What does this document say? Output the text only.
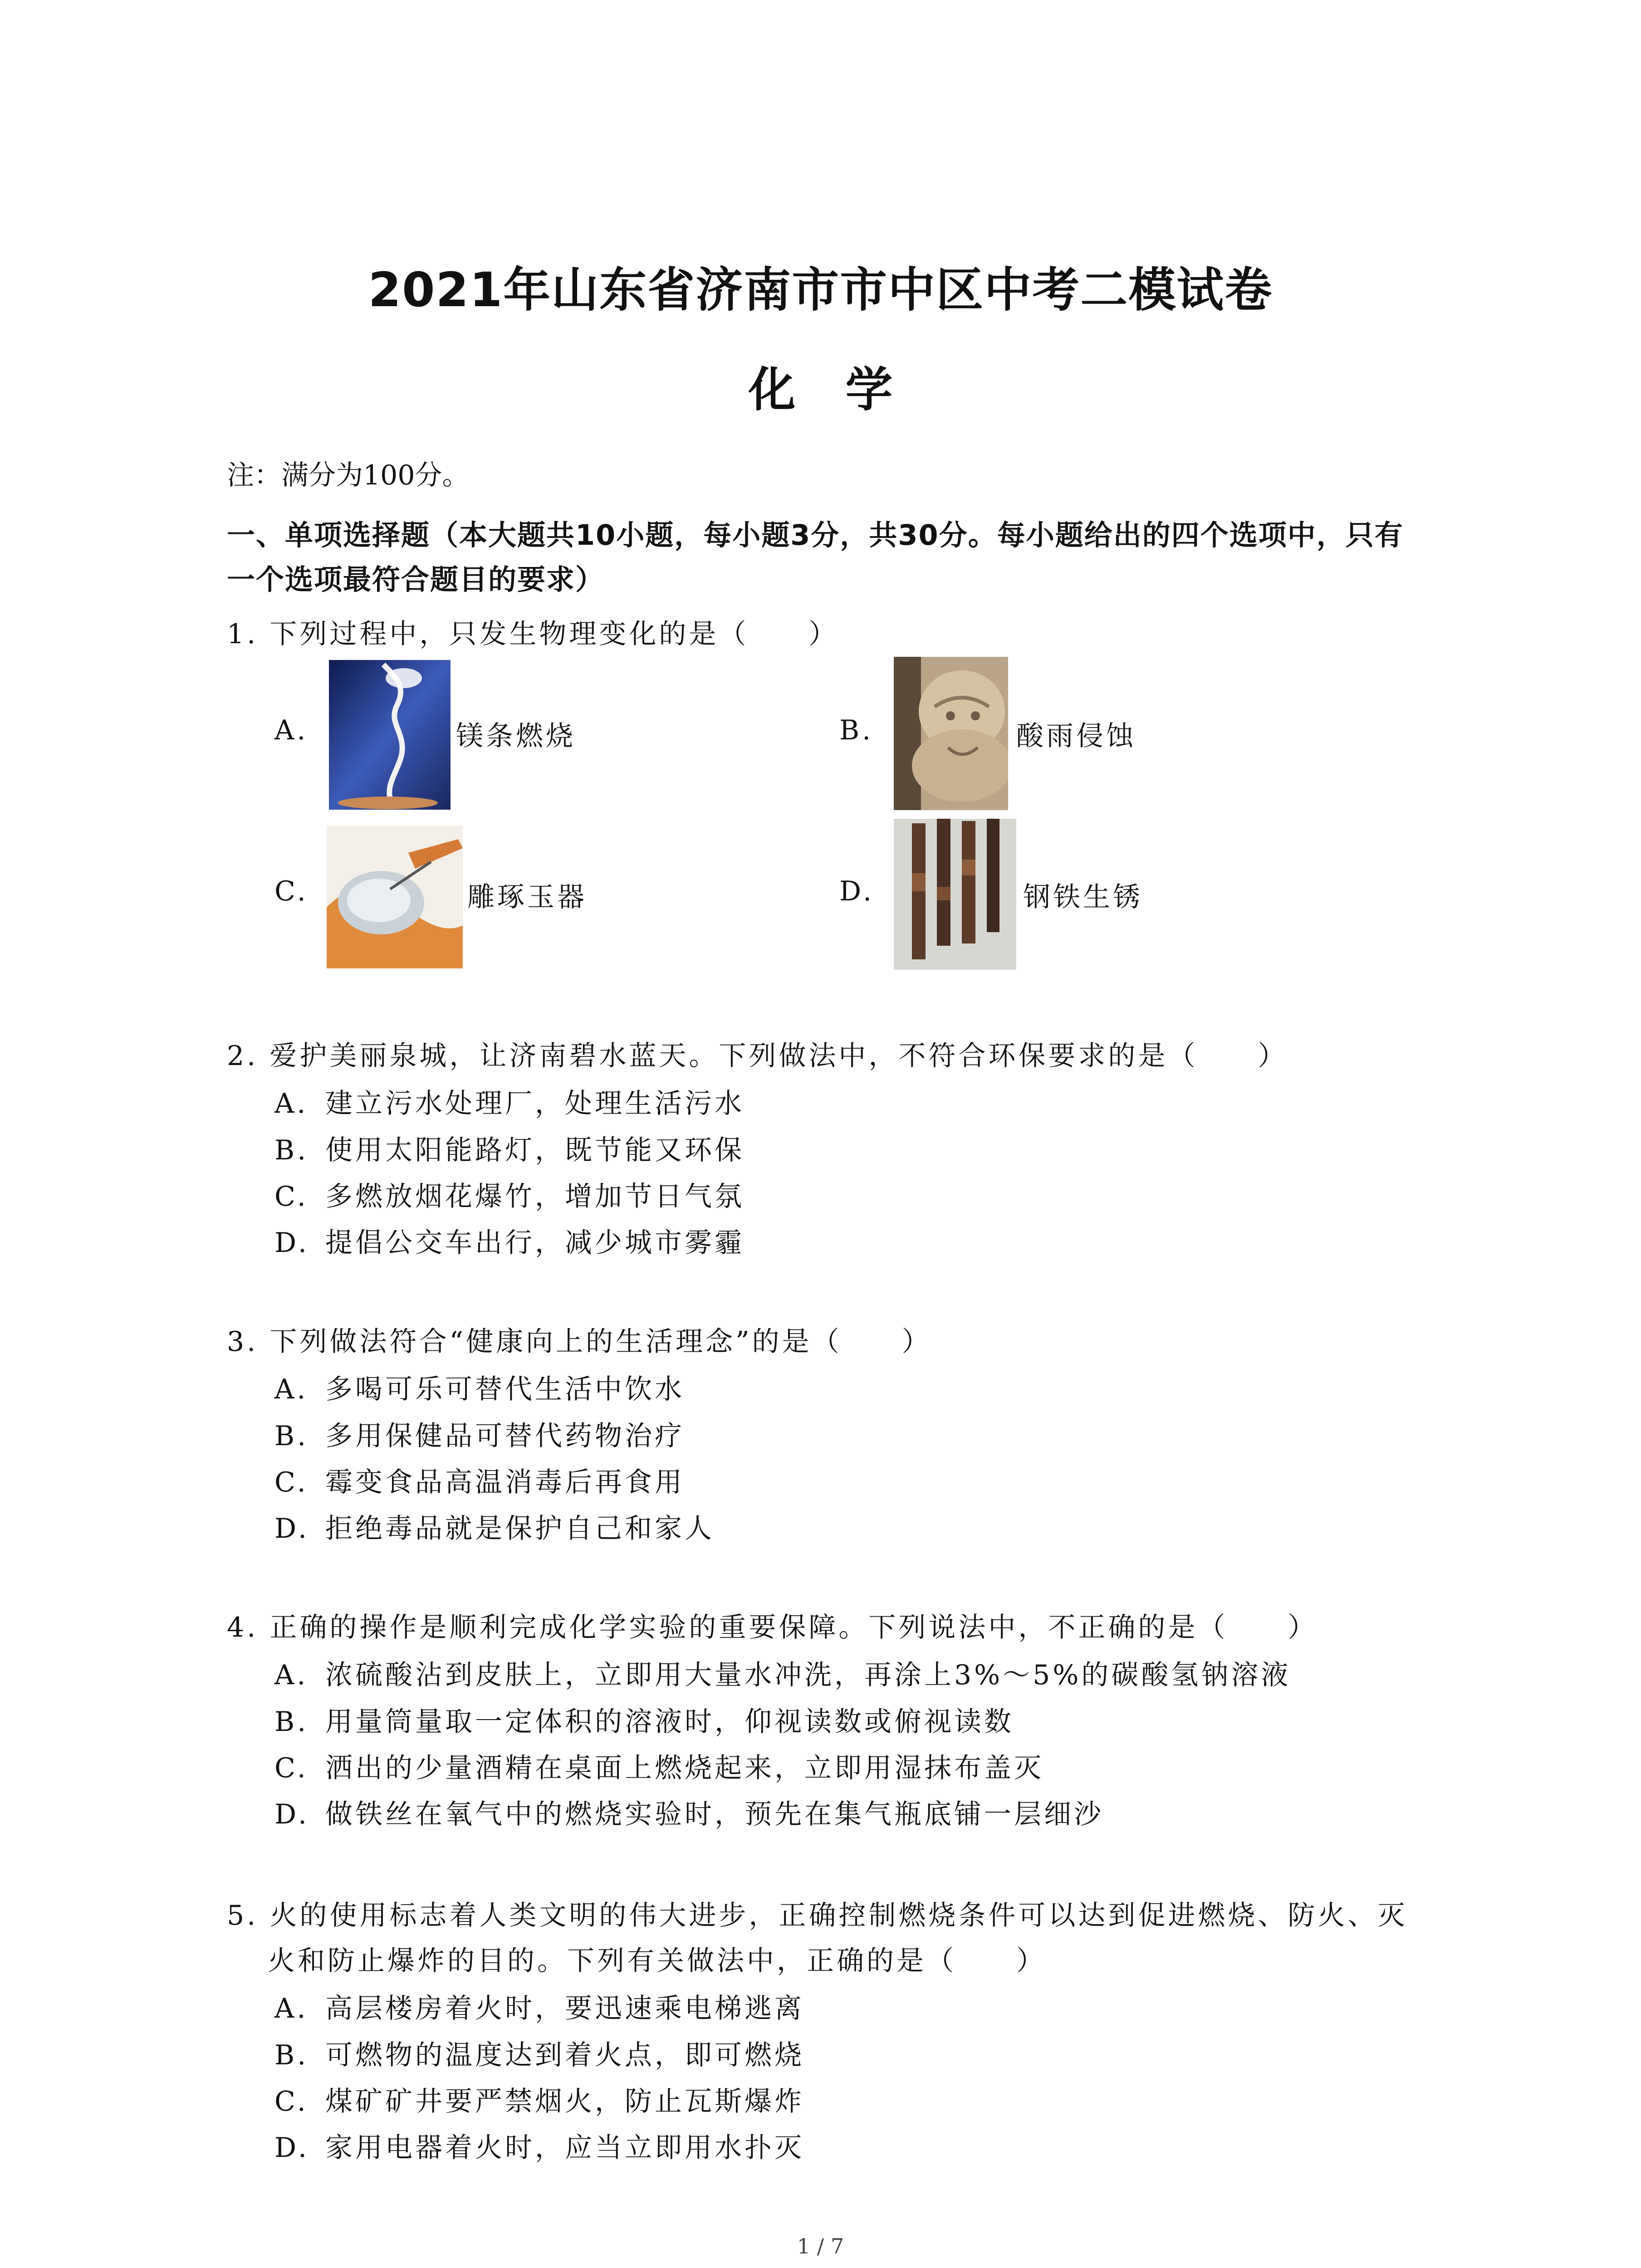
2021年山东省济南市市中区中考二模试卷
化学
注：满分为100分。
一、单项选择题（本大题共10小题，每小题3分，共30分。每小题给出的四个选项中，只有
一个选项最符合题目的要求）
1. 下列过程中，只发生物理变化的是（　　）
A.	镁条燃烧	B.	酸雨侵蚀
C.	雕琢玉器	D.	钢铁生锈
2. 爱护美丽泉城，让济南碧水蓝天。下列做法中，不符合环保要求的是（　　）
A. 建立污水处理厂，处理生活污水
B. 使用太阳能路灯，既节能又环保
C. 多燃放烟花爆竹，增加节日气氛
D. 提倡公交车出行，减少城市雾霾
3. 下列做法符合“健康向上的生活理念”的是（　　）
A. 多喝可乐可替代生活中饮水
B. 多用保健品可替代药物治疗
C. 霉变食品高温消毒后再食用
D. 拒绝毒品就是保护自己和家人
4. 正确的操作是顺利完成化学实验的重要保障。下列说法中，不正确的是（　　）
A. 浓硫酸沾到皮肤上，立即用大量水冲洗，再涂上3%～5%的碳酸氢钠溶液
B. 用量筒量取一定体积的溶液时，仰视读数或俯视读数
C. 洒出的少量酒精在桌面上燃烧起来，立即用湿抹布盖灭
D. 做铁丝在氧气中的燃烧实验时，预先在集气瓶底铺一层细沙
5. 火的使用标志着人类文明的伟大进步，正确控制燃烧条件可以达到促进燃烧、防火、灭
火和防止爆炸的目的。下列有关做法中，正确的是（　　）
A. 高层楼房着火时，要迅速乘电梯逃离
B. 可燃物的温度达到着火点，即可燃烧
C. 煤矿矿井要严禁烟火，防止瓦斯爆炸
D. 家用电器着火时，应当立即用水扑灭
1 / 7
